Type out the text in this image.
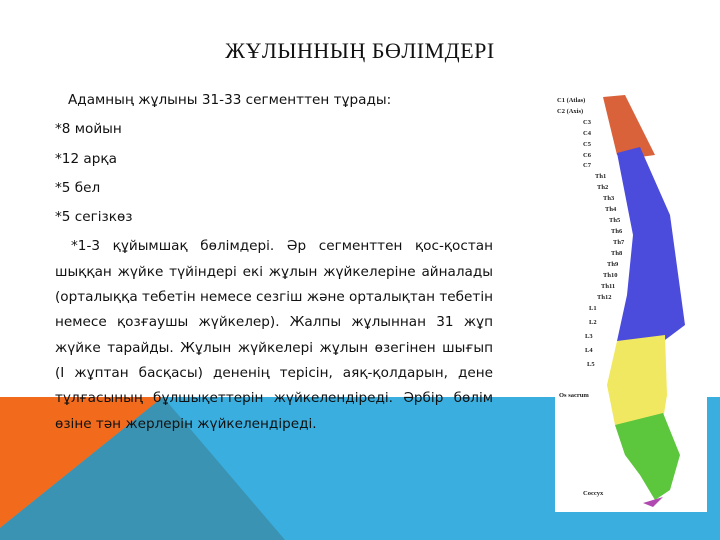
ЖҰЛЫННЫҢ БӨЛІМДЕРІ

Адамның жұлыны 31-33 сегменттен тұрады:

*8 мойын

*12 арқа

*5 бел

*5 сегізкөз

*1-3 құйымшақ бөлімдері. Әр сегменттен қос-қостан шыққан жүйке түйіндері екі жұлын жүйкелеріне айналады (орталыққа тебетін немесе сезгіш және орталықтан тебетін немесе қозғаушы жүйкелер). Жалпы жұлыннан 31 жұп жүйке тарайды. Жұлын жүйкелері жұлын өзегінен шығып (І жұптан басқасы) дененің терісін, аяқ-қолдарын, дене тұлғасының бұлшықеттерін жүйкелендіреді. Әрбір бөлім өзіне тән жерлерін жүйкелендіреді.

C1 (Atlas)
C2 (Axis)
C3
C4
C5
C6
C7
Th1
Th2
Th3
Th4
Th5
Th6
Th7
Th8
Th9
Th10
Th11
Th12
L1
L2
L3
L4
L5
Os sacrum
Coccyx
